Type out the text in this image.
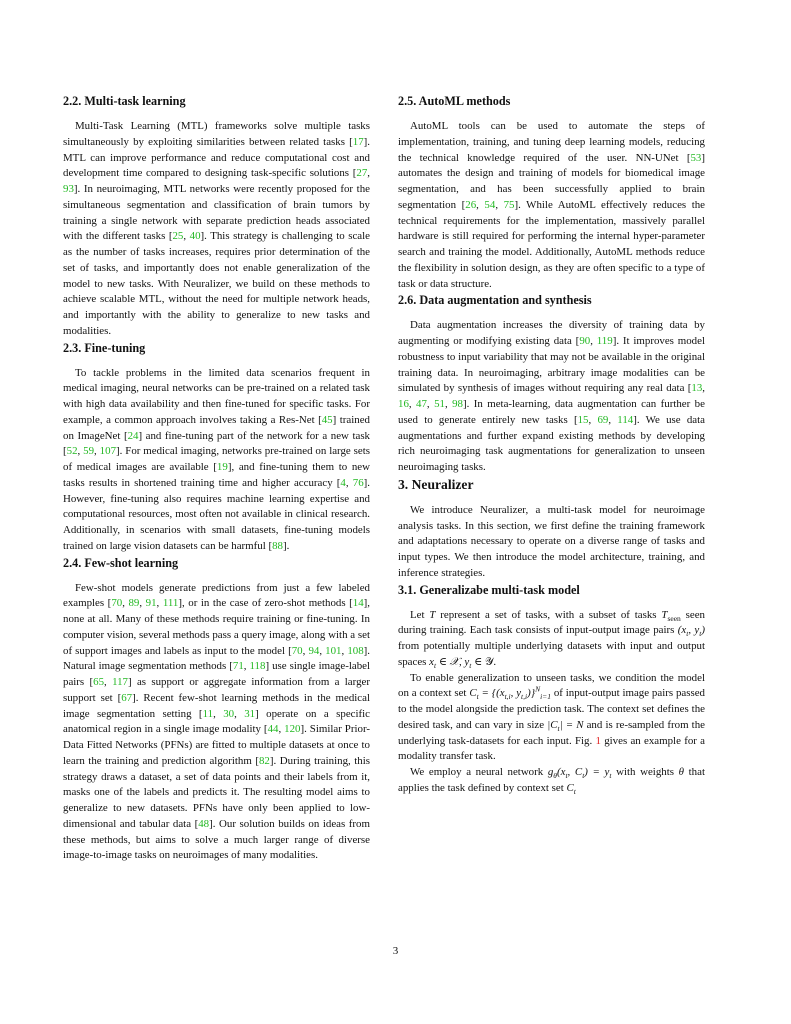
2.2. Multi-task learning

Multi-Task Learning (MTL) frameworks solve multiple tasks simultaneously by exploiting similarities between related tasks [17]. MTL can improve performance and reduce computational cost and development time compared to designing task-specific solutions [27, 93]. In neuroimaging, MTL networks were recently proposed for the simultaneous segmentation and classification of brain tumors by training a single network with separate prediction heads associated with the different tasks [25, 40]. This strategy is challenging to scale as the number of tasks increases, requires prior determination of the set of tasks, and importantly does not enable generalization of the model to new tasks. With Neuralizer, we build on these methods to achieve scalable MTL, without the need for multiple network heads, and importantly with the ability to generalize to new tasks and modalities.

2.3. Fine-tuning

To tackle problems in the limited data scenarios frequent in medical imaging, neural networks can be pre-trained on a related task with high data availability and then fine-tuned for specific tasks. For example, a common approach involves taking a Res-Net [45] trained on ImageNet [24] and fine-tuning part of the network for a new task [52, 59, 107]. For medical imaging, networks pre-trained on large sets of medical images are available [19], and fine-tuning them to new tasks results in shortened training time and higher accuracy [4, 76]. However, fine-tuning also requires machine learning expertise and computational resources, most often not available in clinical research. Additionally, in scenarios with small datasets, fine-tuning models trained on large vision datasets can be harmful [88].

2.4. Few-shot learning

Few-shot models generate predictions from just a few labeled examples [70, 89, 91, 111], or in the case of zero-shot methods [14], none at all. Many of these methods require training or fine-tuning. In computer vision, several methods pass a query image, along with a set of support images and labels as input to the model [70, 94, 101, 108]. Natural image segmentation methods [71, 118] use single image-label pairs [65, 117] as support or aggregate information from a larger support set [67]. Recent few-shot learning methods in the medical image segmentation setting [11, 30, 31] operate on a specific anatomical region in a single image modality [44, 120]. Similar Prior-Data Fitted Networks (PFNs) are fitted to multiple datasets at once to learn the training and prediction algorithm [82]. During training, this strategy draws a dataset, a set of data points and their labels from it, masks one of the labels and predicts it. The resulting model aims to generalize to new datasets. PFNs have only been applied to low-dimensional and tabular data [48]. Our solution builds on ideas from these methods, but aims to solve a much larger range of diverse image-to-image tasks on neuroimages of many modalities.

2.5. AutoML methods

AutoML tools can be used to automate the steps of implementation, training, and tuning deep learning models, reducing the technical knowledge required of the user. NN-UNet [53] automates the design and training of models for biomedical image segmentation, and has been successfully applied to brain segmentation [26, 54, 75]. While AutoML effectively reduces the technical requirements for the implementation, massively parallel hardware is still required for performing the internal hyper-parameter search and training the model. Additionally, AutoML methods reduce the flexibility in solution design, as they are often specific to a type of task or data structure.

2.6. Data augmentation and synthesis

Data augmentation increases the diversity of training data by augmenting or modifying existing data [90, 119]. It improves model robustness to input variability that may not be available in the original training data. In neuroimaging, arbitrary image modalities can be simulated by synthesis of images without requiring any real data [13, 16, 47, 51, 98]. In meta-learning, data augmentation can further be used to generate entirely new tasks [15, 69, 114]. We use data augmentations and further expand existing methods by developing rich neuroimaging task augmentations for generalization to unseen neuroimaging tasks.

3. Neuralizer

We introduce Neuralizer, a multi-task model for neuroimage analysis tasks. In this section, we first define the training framework and adaptations necessary to operate on a diverse range of tasks and input types. We then introduce the model architecture, training, and inference strategies.

3.1. Generalizabe multi-task model

Let T represent a set of tasks, with a subset of tasks $T_{seen}$ seen during training. Each task consists of input-output image pairs ($x_t$, $y_t$) from potentially multiple underlying datasets with input and output spaces $x_t$ ∈ 𝒳, $y_t$ ∈ 𝒴.

To enable generalization to unseen tasks, we condition the model on a context set $C_t = \{(x_{t,i}$, $y_{t,i})\}^N_{i=1}$ of input-output image pairs passed to the model alongside the prediction task. The context set defines the desired task, and can vary in size $|C_t| = N$ and is re-sampled from the underlying task-datasets for each input. Fig. 1 gives an example for a modality transfer task.

We employ a neural network $g_\theta(x_t$, $C_t) = y_t$ with weights θ that applies the task defined by context set $C_t$

3
